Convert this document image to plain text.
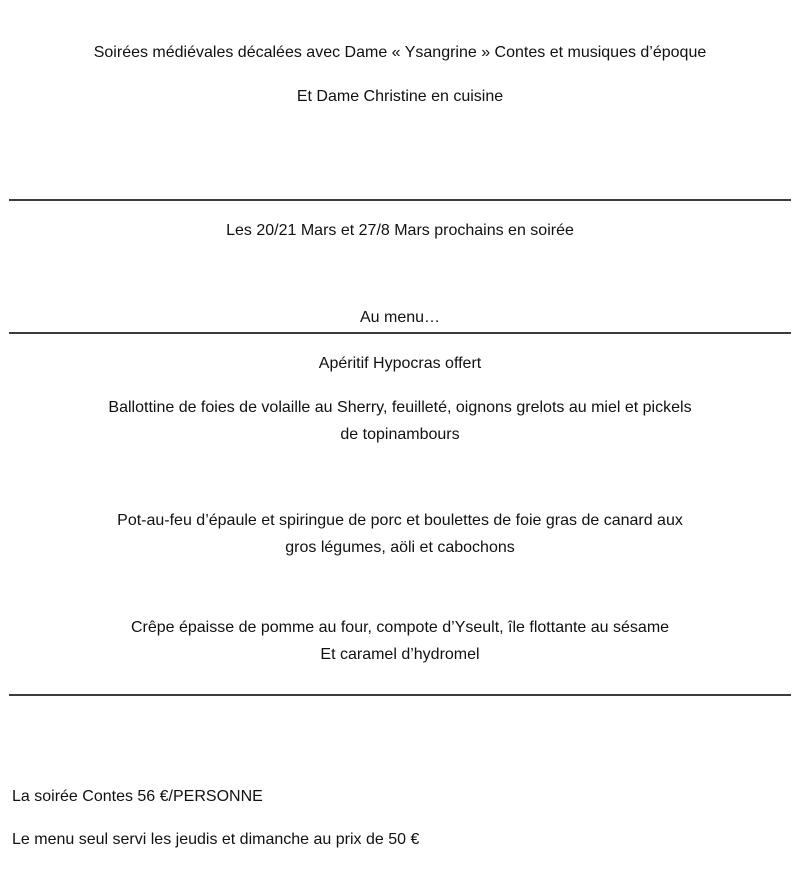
Soirées médiévales décalées avec Dame « Ysangrine » Contes et musiques d’époque

Et Dame Christine en cuisine

Les 20/21 Mars et 27/8 Mars prochains en soirée

Au menu…

Apéritif Hypocras offert

Ballottine de foies de volaille au Sherry, feuilleté, oignons grelots au miel et pickels
de topinambours
Pot-au-feu d’épaule et spiringue de porc et boulettes de foie gras de canard aux
gros légumes, aöli et cabochons
Crêpe épaisse de pomme au four, compote d’Yseult, île flottante au sésame
Et caramel d’hydromel

La soirée Contes 56 €/PERSONNE

Le menu seul servi les jeudis et dimanche au prix de 50 €
